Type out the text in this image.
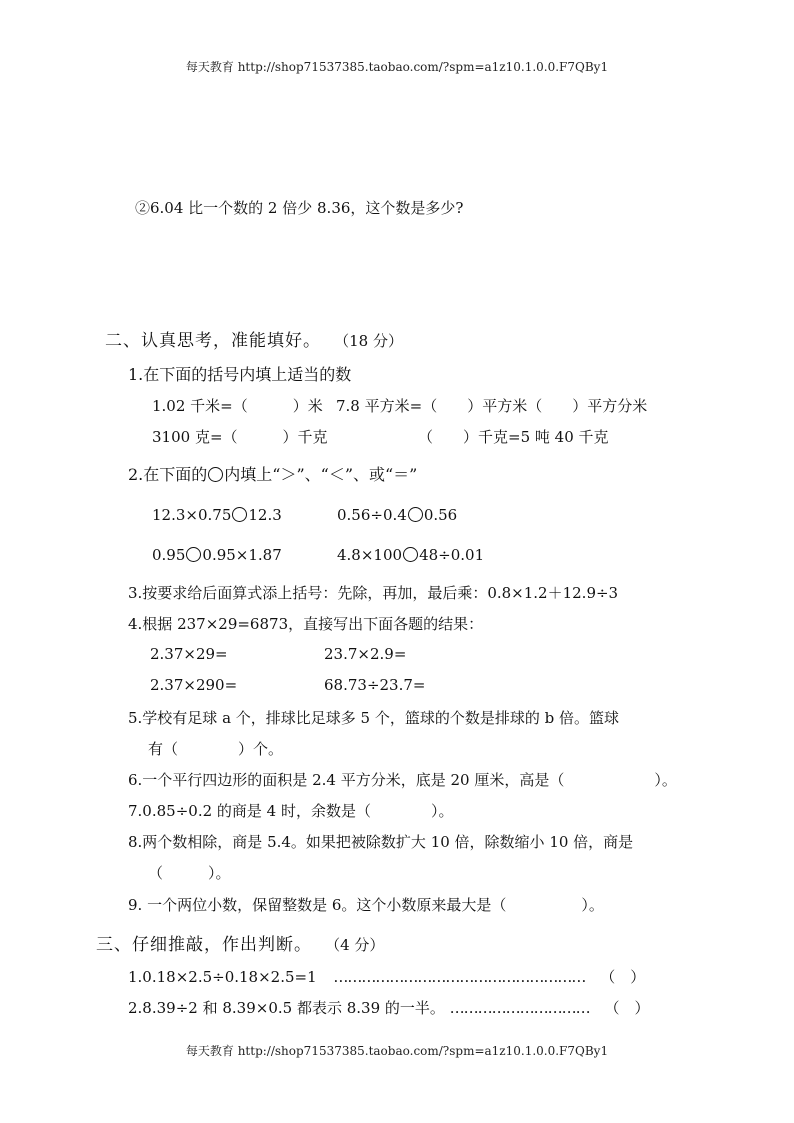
每天教育 http://shop71537385.taobao.com/?spm=a1z10.1.0.0.F7QBy1
每天教育 http://shop71537385.taobao.com/?spm=a1z10.1.0.0.F7QBy1
②6.04 比一个数的 2 倍少 8.36，这个数是多少?
二、认真思考，准能填好。 （18 分）
1.在下面的括号内填上适当的数
1.02 千米=（　　　）米 7.8 平方米=（　　）平方米（　　）平方分米
3100 克=（　　　）千克	（　　）千克=5 吨 40 千克
2.在下面的 内填上“＞”、“＜”、或“＝”
12.3×0.75 12.3	0.56÷0.4 0.56
0.95 0.95×1.87	4.8×100 48÷0.01
3.按要求给后面算式添上括号：先除，再加，最后乘：0.8×1.2＋12.9÷3
4.根据 237×29=6873，直接写出下面各题的结果：
2.37×29=	23.7×2.9=
2.37×290=	68.73÷23.7=
5.学校有足球 a 个，排球比足球多 5 个，篮球的个数是排球的 b 倍。篮球
有（　　　　）个。
6.一个平行四边形的面积是 2.4 平方分米，底是 20 厘米，高是（　　　　　　）。
7.0.85÷0.2 的商是 4 时，余数是（　　　　）。
8.两个数相除，商是 5.4。如果把被除数扩大 10 倍，除数缩小 10 倍，商是
（　　　）。
9. 一个两位小数，保留整数是 6。这个小数原来最大是（　　　　　）。
三、仔细推敲，作出判断。 （4 分）
1.0.18×2.5÷0.18×2.5=1 ……………………………………………… （　）
2.8.39÷2 和 8.39×0.5 都表示 8.39 的一半。 ………………………… （　）
